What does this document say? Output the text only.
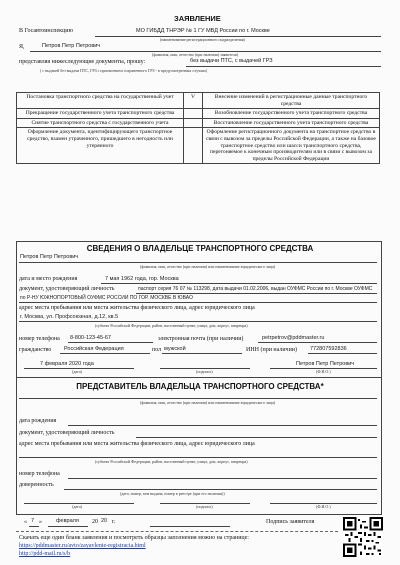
ЗАЯВЛЕНИЕ
В Госавтоинспекцию	МО ГИБДД ТНРЭР № 1 ГУ МВД России по г. Москве
(наименование регистрационного подразделения)
Я,	Петров Петр Петрович
(фамилия, имя, отчество (при наличии) заявителя)
представляя нижеследующие документы, прошу:	без выдачи ПТС, с выдачей ГРЗ
( с выдачей без выдачи ПТС, ГРЗ с присвоением сохраненного ГРЗ - в предусмотренных случаях)
Постановка транспортного средства на государственный учет	V	Внесение изменений в регистрационные данные транспортного средства
Прекращение государственного учета транспортного средства		Возобновление государственного учета транспортного средства
Снятие транспортного средства с государственного учета		Восстановление государственного учета транспортного средства
Оформление документа, идентифицирующего транспортное средство, взамен утраченного, пришедшего в негодность или утерянного		Оформление регистрационного документа на транспортное средство в связи с вывозом за пределы Российской Федерации, а также на базовое транспортное средство или шасси транспортного средства, перегоняемое к конечным производителям или в связи с вывозом за пределы Российской Федерации
СВЕДЕНИЯ О ВЛАДЕЛЬЦЕ ТРАНСПОРТНОГО СРЕДСТВА
Петров Петр Петрович
(фамилия, имя, отчество (при наличии) или наименование юридического лица)
дата и место рождения	7 мая 1962 года, гор. Москва
документ, удостоверяющий личность	паспорт серия 76 07 № 113298, дата выдачи 01.02.2006, выдан ОУФМС России по г. Москве ОУФМС
по Р-НУ ЮЖНОПОРТОВЫЙ ОУФМС РОССИИ ПО ГОР. МОСКВЕ В ЮВАО
адрес места пребывания или места жительства физического лица, адрес юридического лица
г. Москва, ул. Профсоюзная, д.12, кв.5
(субъект Российской Федерации, район, населенный пункт, улица, дом, корпус, квартира)
номер телефона 8-800-123-45-67	электронная почта (при наличии)	petrpetrov@pddmaster.ru
гражданство Российская Федерация	пол мужской	ИНН (при наличии) 772807592836
7 февраля 2020 года
(дата)	(подпись)
Петров Петр Петрович
(Ф.И.О.)
ПРЕДСТАВИТЕЛЬ ВЛАДЕЛЬЦА ТРАНСПОРТНОГО СРЕДСТВА*
(фамилия, имя, отчество (при наличии) или наименование юридического лица)
дата рождения
документ, удостоверяющий личность
адрес места пребывания или места жительства физического лица, адрес юридического лица
(субъект Российской Федерации, район, населенный пункт, улица, дом, корпус, квартира)
номер телефона
доверенность
(дата, номер, кем выдана, номер в реестре (при его наличии))
(дата)	(подпись)	(Ф.И.О.)
« 7 »	февраля 20 20 г.	Подпись заявителя
Скачать еще один бланк заявления и посмотреть образцы заполнения можно на странице:
https://pddmaster.ru/avto/zayavlenie-registracia.html
http://pdd-mail.ru/s/b
